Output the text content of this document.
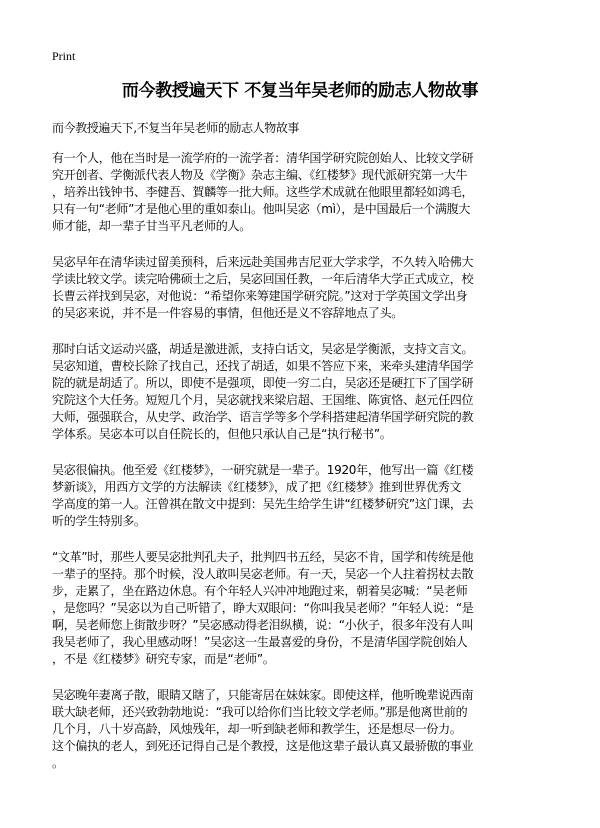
Print
而今教授遍天下 不复当年吴老师的励志人物故事
而今教授遍天下,不复当年吴老师的励志人物故事
有一个人，他在当时是一流学府的一流学者：清华国学研究院创始人、比较文学研
究开创者、学衡派代表人物及《学衡》杂志主编、《红楼梦》现代派研究第一大牛
，培养出钱钟书、李健吾、賀麟等一批大师。这些学术成就在他眼里都轻如鸿毛，
只有一句“老师”才是他心里的重如泰山。他叫吴宓（mì），是中国最后一个满腹大
师才能，却一辈子甘当平凡老师的人。
吴宓早年在清华读过留美预科，后来远赴美国弗吉尼亚大学求学，不久转入哈佛大
学读比较文学。读完哈佛硕士之后，吴宓回国任教，一年后清华大学正式成立，校
长曹云祥找到吴宓，对他说：“希望你来筹建国学研究院。”这对于学英国文学出身
的吴宓来说，并不是一件容易的事情，但他还是义不容辞地点了头。
那时白话文运动兴盛，胡适是激进派，支持白话文，吴宓是学衡派，支持文言文。
吴宓知道，曹校长除了找自己，还找了胡适，如果不答应下来，来牵头建清华国学
院的就是胡适了。所以，即使不是强项，即使一穷二白，吴宓还是硬扛下了国学研
究院这个大任务。短短几个月，吴宓就找来梁启超、王国维、陈寅恪、赵元任四位
大师，强强联合，从史学、政治学、语言学等多个学科搭建起清华国学研究院的教
学体系。吴宓本可以自任院长的，但他只承认自己是“执行秘书”。
吴宓很偏执。他至爱《红楼梦》，一研究就是一辈子。1920年，他写出一篇《红楼
梦新谈》，用西方文学的方法解读《红楼梦》，成了把《红楼梦》推到世界优秀文
学高度的第一人。汪曾祺在散文中提到：吴先生给学生讲“红楼梦研究”这门课，去
听的学生特别多。
“文革”时，那些人要吴宓批判孔夫子，批判四书五经，吴宓不肯，国学和传统是他
一辈子的坚持。那个时候，没人敢叫吴宓老师。有一天，吴宓一个人拄着拐杖去散
步，走累了，坐在路边休息。有个年轻人兴冲冲地跑过来，朝着吴宓喊：“吴老师
，是您吗？”吴宓以为自己听错了，睁大双眼问：“你叫我吴老师？”年轻人说：“是
啊，吴老师您上街散步呀？”吴宓感动得老泪纵横，说：“小伙子，很多年没有人叫
我吴老师了，我心里感动呀！”吴宓这一生最喜爱的身份，不是清华国学院创始人
，不是《红楼梦》研究专家，而是“老师”。
吴宓晚年妻离子散，眼睛又瞎了，只能寄居在妹妹家。即使这样，他听晚辈说西南
联大缺老师，还兴致勃勃地说：“我可以给你们当比较文学老师。”那是他离世前的
几个月，八十岁高龄，风烛残年，却一听到缺老师和教学生，还是想尽一份力。
这个偏执的老人，到死还记得自己是个教授，这是他这辈子最认真又最骄傲的事业
。
